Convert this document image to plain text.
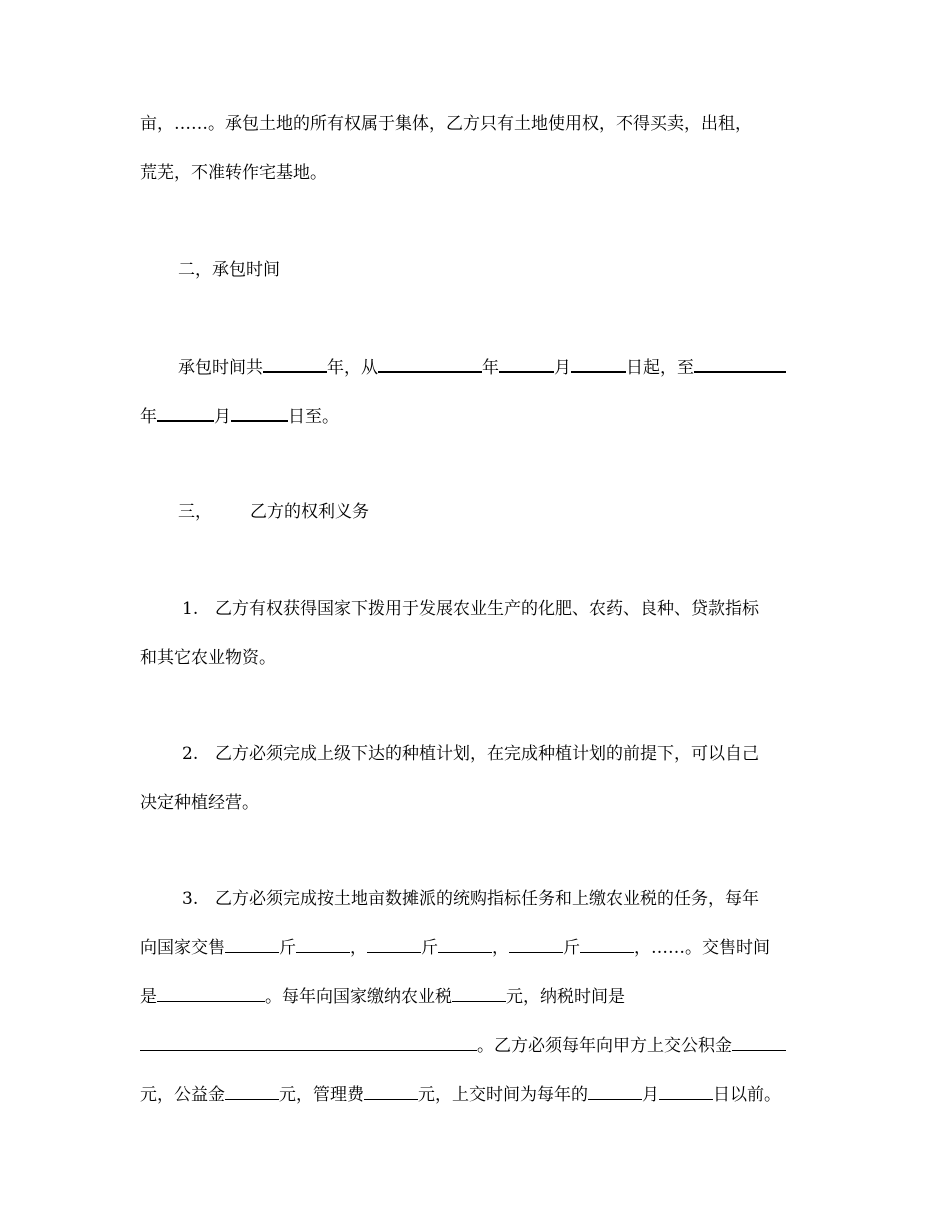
亩，……。承包土地的所有权属于集体，乙方只有土地使用权，不得买卖，出租，
荒芜，不准转作宅基地。
二，承包时间
承包时间共	年，从	年	月	日起，至
年	月	日至。
三， 乙方的权利义务
1. 乙方有权获得国家下拨用于发展农业生产的化肥、农药、良种、贷款指标
和其它农业物资。
2. 乙方必须完成上级下达的种植计划，在完成种植计划的前提下，可以自己
决定种植经营。
3. 乙方必须完成按土地亩数摊派的统购指标任务和上缴农业税的任务，每年
向国家交售	斤	，	斤	，	斤	，……。交售时间
是	。每年向国家缴纳农业税	元，纳税时间是
。乙方必须每年向甲方上交公积金
元，公益金	元，管理费	元，上交时间为每年的	月	日以前。
